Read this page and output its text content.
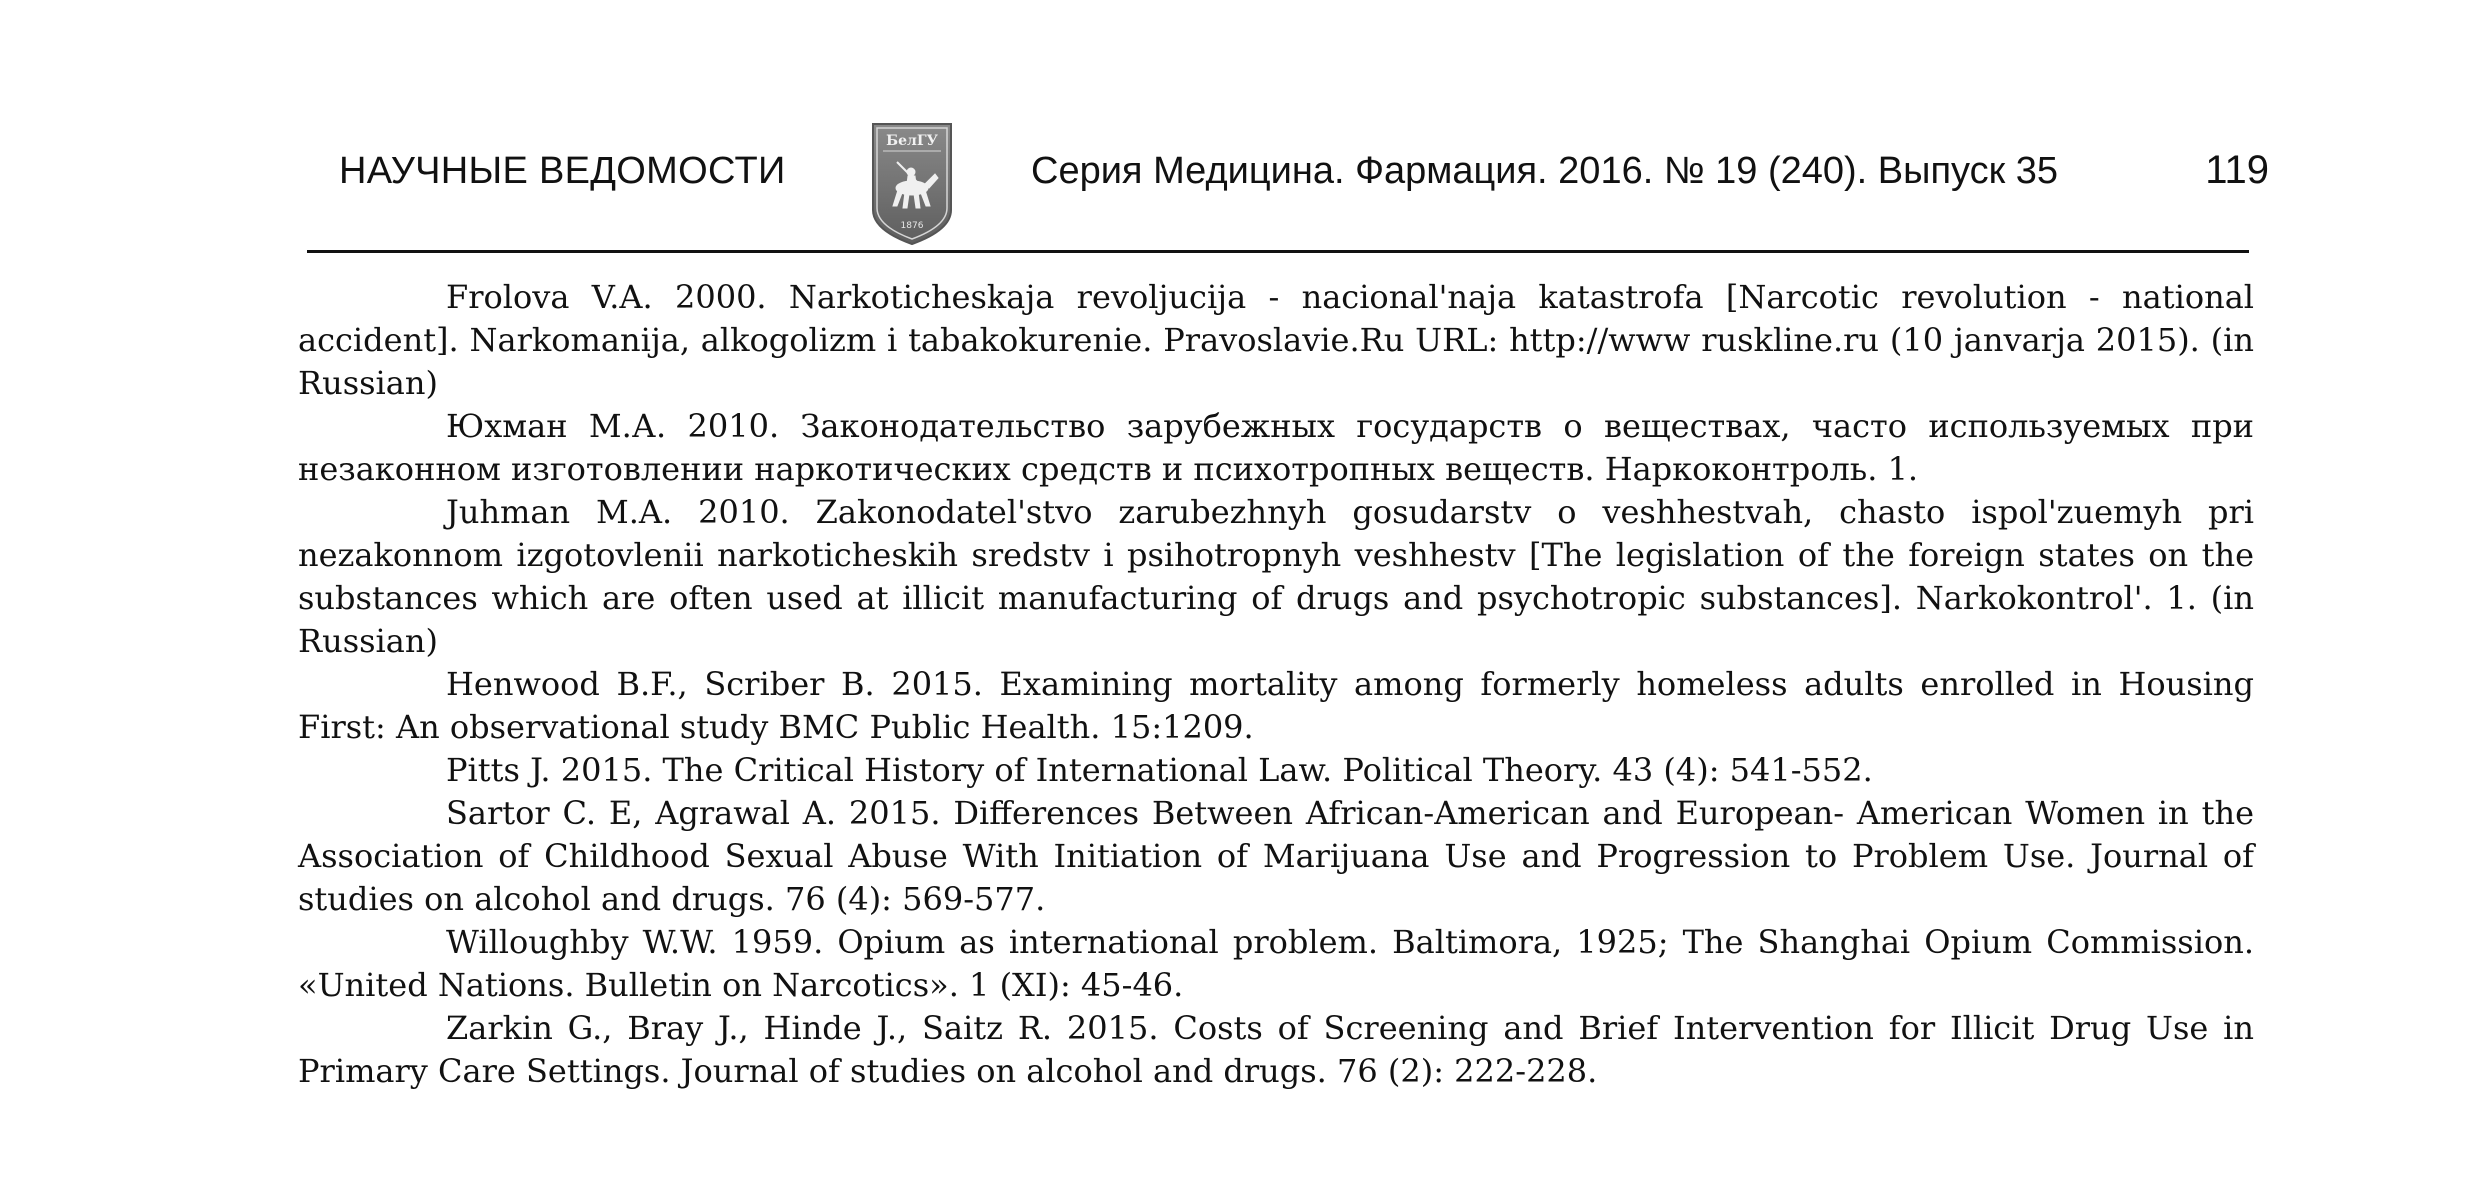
НАУЧНЫЕ ВЕДОМОСТИ
БелГУ
1876
Серия Медицина. Фармация. 2016. № 19 (240). Выпуск 35	119

Frolova V.A. 2000. Narkoticheskaja revoljucija - nacional'naja katastrofa [Narcotic revolution - national accident]. Narkomanija, alkogolizm i tabakokurenie. Pravoslavie.Ru URL: http://www ruskline.ru (10 janvarja 2015). (in Russian)

Юхман М.А. 2010. Законодательство зарубежных государств о веществах, часто используемых при незаконном изготовлении наркотических средств и психотропных веществ. Наркоконтроль. 1.

Juhman M.A. 2010. Zakonodatel'stvo zarubezhnyh gosudarstv o veshhestvah, chasto ispol'zuemyh pri nezakonnom izgotovlenii narkoticheskih sredstv i psihotropnyh veshhestv [The legislation of the foreign states on the substances which are often used at illicit manufacturing of drugs and psychotropic substances]. Narkokontrol'. 1. (in Russian)

Henwood B.F., Scriber B. 2015. Examining mortality among formerly homeless adults enrolled in Housing First: An observational study BMC Public Health. 15:1209.

Pitts J. 2015. The Critical History of International Law. Political Theory. 43 (4): 541-552.

Sartor C. E, Agrawal A. 2015. Differences Between African-American and European- American Women in the Association of Childhood Sexual Abuse With Initiation of Marijuana Use and Progression to Problem Use. Journal of studies on alcohol and drugs. 76 (4): 569-577.

Willoughby W.W. 1959. Opium as international problem. Baltimora, 1925; The Shanghai Opium Commission. «United Nations. Bulletin on Narcotics». 1 (XI): 45-46.

Zarkin G., Bray J., Hinde J., Saitz R. 2015. Costs of Screening and Brief Intervention for Illicit Drug Use in Primary Care Settings. Journal of studies on alcohol and drugs. 76 (2): 222-228.
